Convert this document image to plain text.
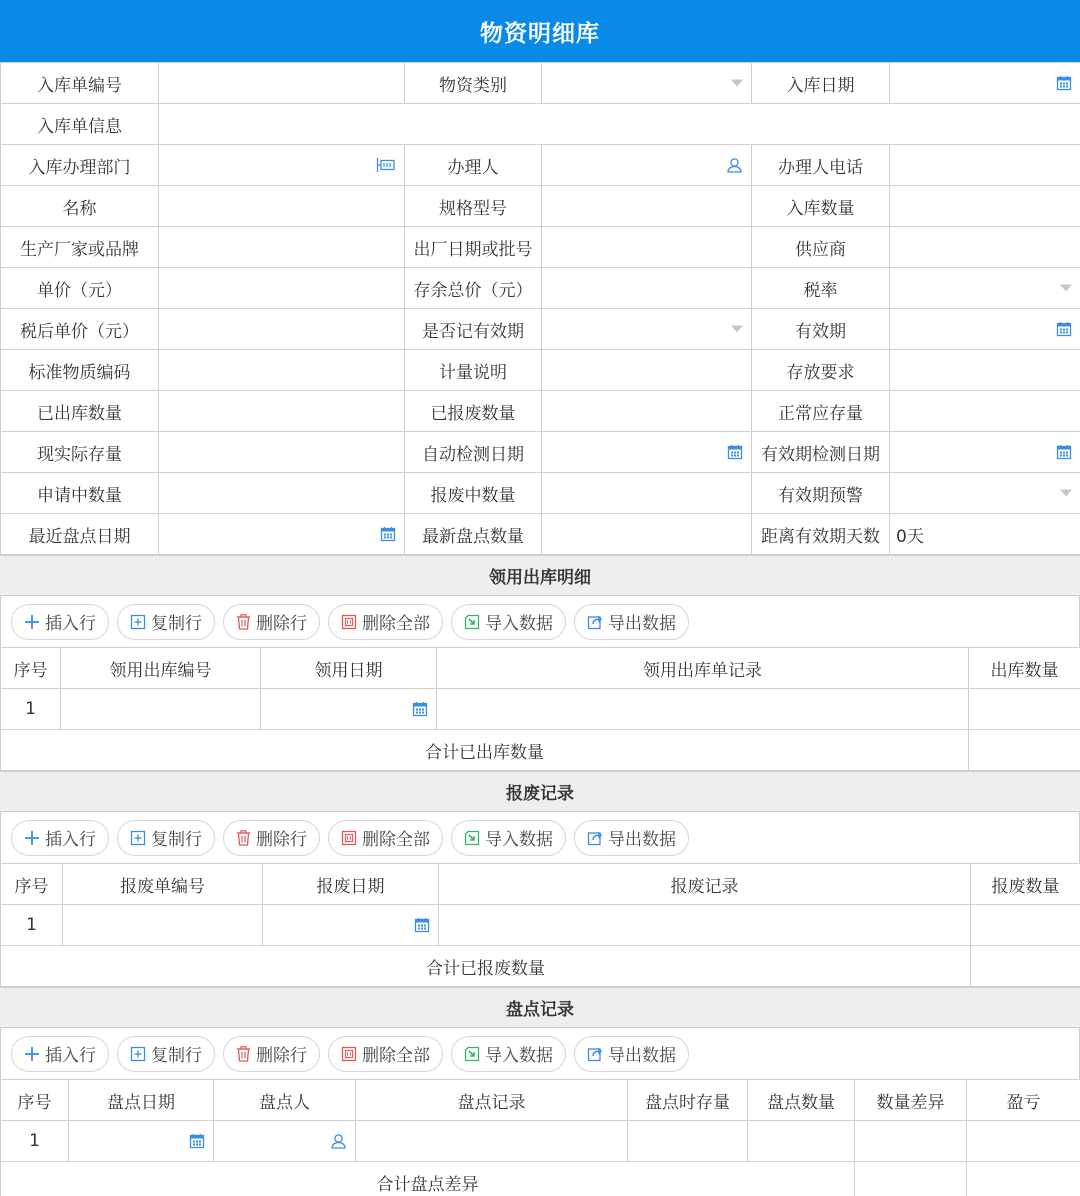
物资明细库
入库单编号		物资类别		入库日期	

入库单信息					
入库办理部门		办理人		办理人电话	
名称		规格型号		入库数量	
生产厂家或品牌		出厂日期或批号		供应商	
单价（元）		存余总价（元）		税率	

税后单价（元）		是否记有效期		有效期	

标准物质编码		计量说明		存放要求	
已出库数量		已报废数量		正常应存量	
现实际存量		自动检测日期		有效期检测日期	

申请中数量		报废中数量		有效期预警	

最近盘点日期		最新盘点数量		距离有效期天数	0天
领用出库明细
插入行	复制行	删除行	删除全部	导入数据	导出数据
序号	领用出库编号	领用日期	领用出库单记录	出库数量
1		

合计已出库数量				
报废记录
插入行	复制行	删除行	删除全部	导入数据	导出数据
序号	报废单编号	报废日期	报废记录	报废数量
1		

合计已报废数量				
盘点记录
插入行	复制行	删除行	删除全部	导入数据	导出数据
序号	盘点日期	盘点人	盘点记录	盘点时存量	盘点数量	数量差异	盈亏
1	

合计盘点差异							
